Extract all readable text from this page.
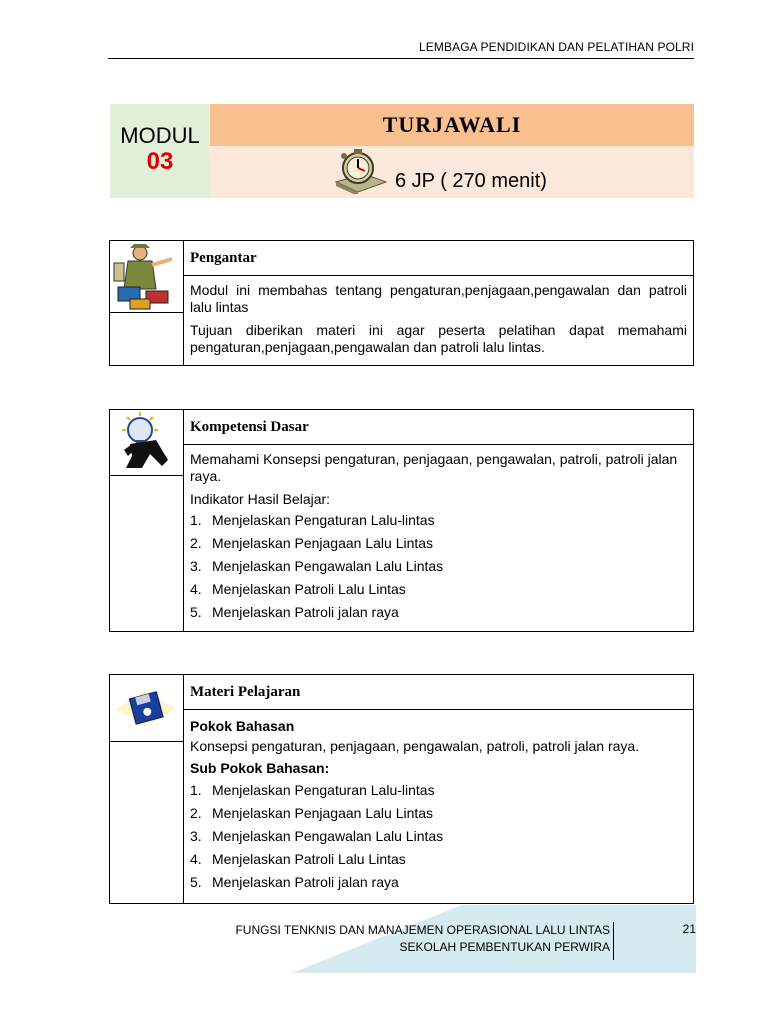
LEMBAGA PENDIDIKAN DAN PELATIHAN POLRI
MODUL
03
TURJAWALI
6 JP ( 270 menit)
Pengantar

Modul ini membahas tentang pengaturan,penjagaan,pengawalan dan patroli lalu lintas

Tujuan diberikan materi ini agar peserta pelatihan dapat memahami pengaturan,penjagaan,pengawalan dan patroli lalu lintas.

Kompetensi Dasar

Memahami Konsepsi pengaturan, penjagaan, pengawalan, patroli, patroli jalan raya.

Indikator Hasil Belajar:

1. Menjelaskan Pengaturan Lalu-lintas
2. Menjelaskan Penjagaan Lalu Lintas
3. Menjelaskan Pengawalan Lalu Lintas
4. Menjelaskan Patroli Lalu Lintas
5. Menjelaskan Patroli jalan raya
Materi Pelajaran

Pokok Bahasan

Konsepsi pengaturan, penjagaan, pengawalan, patroli, patroli jalan raya.

Sub Pokok Bahasan:

1. Menjelaskan Pengaturan Lalu-lintas
2. Menjelaskan Penjagaan Lalu Lintas
3. Menjelaskan Pengawalan Lalu Lintas
4. Menjelaskan Patroli Lalu Lintas
5. Menjelaskan Patroli jalan raya
FUNGSI TENKNIS DAN MANAJEMEN OPERASIONAL LALU LINTAS
SEKOLAH PEMBENTUKAN PERWIRA
21
